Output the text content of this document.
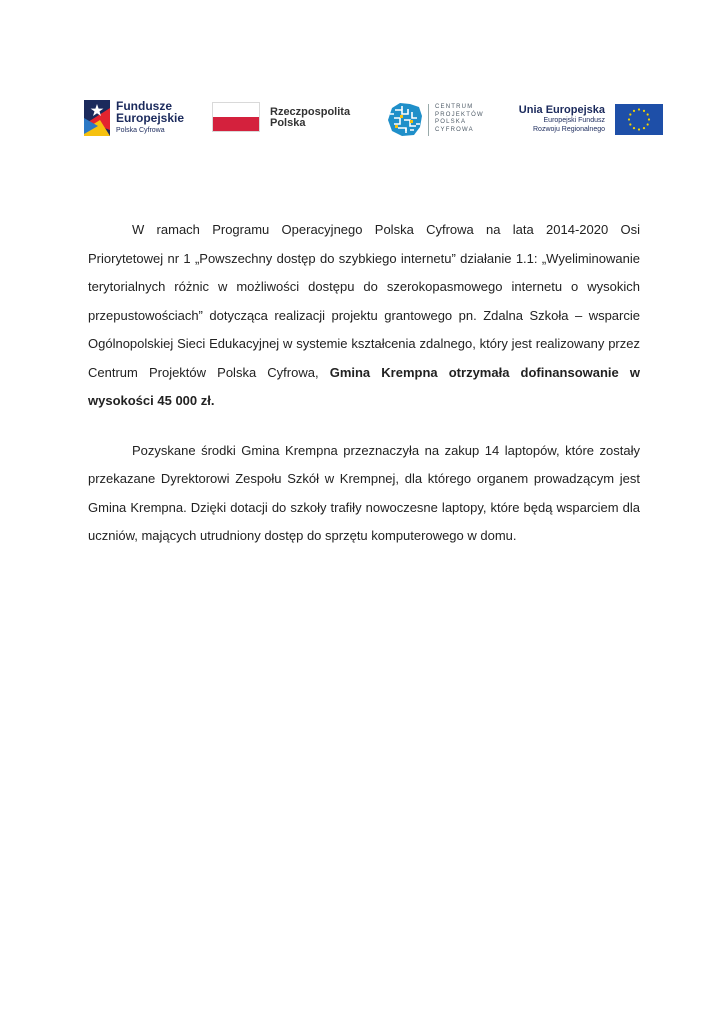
Fundusze
Europejskie
Polska Cyfrowa
Rzeczpospolita
Polska
CENTRUM
PROJEKTÓW
POLSKA
CYFROWA
Unia Europejska
Europejski Fundusz
Rozwoju Regionalnego

W ramach Programu Operacyjnego Polska Cyfrowa na lata 2014-2020 Osi Priorytetowej nr 1 „Powszechny dostęp do szybkiego internetu” działanie 1.1: „Wyeliminowanie terytorialnych różnic w możliwości dostępu do szerokopasmowego internetu o wysokich przepustowościach” dotycząca realizacji projektu grantowego pn. Zdalna Szkoła – wsparcie Ogólnopolskiej Sieci Edukacyjnej w systemie kształcenia zdalnego, który jest realizowany przez Centrum Projektów Polska Cyfrowa, Gmina Krempna otrzymała dofinansowanie w wysokości 45 000 zł.

Pozyskane środki Gmina Krempna przeznaczyła na zakup 14 laptopów, które zostały przekazane Dyrektorowi Zespołu Szkół w Krempnej, dla którego organem prowadzącym jest Gmina Krempna. Dzięki dotacji do szkoły trafiły nowoczesne laptopy, które będą wsparciem dla uczniów, mających utrudniony dostęp do sprzętu komputerowego w domu.
